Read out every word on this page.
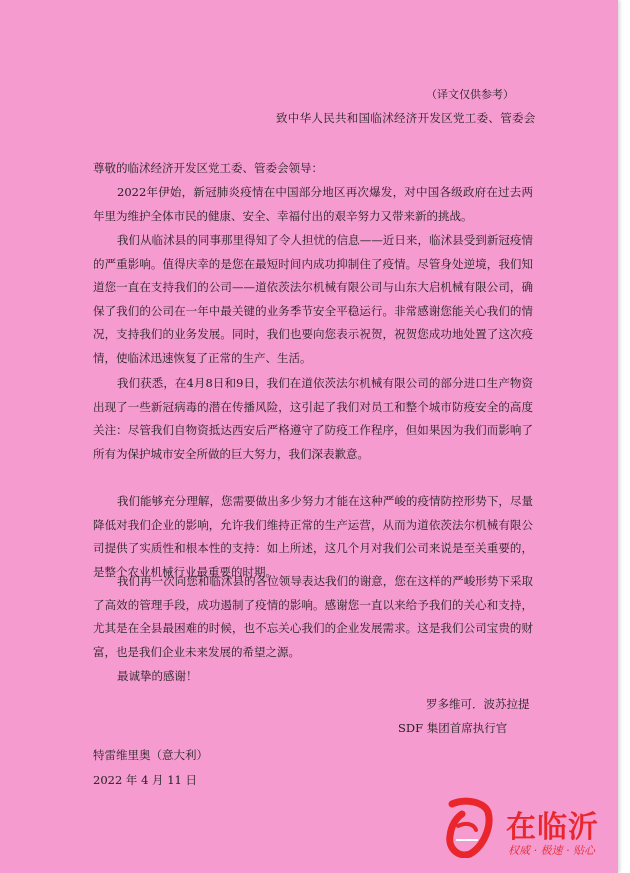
（译文仅供参考）
致中华人民共和国临沭经济开发区党工委、管委会
尊敬的临沭经济开发区党工委、管委会领导：

2022年伊始，新冠肺炎疫情在中国部分地区再次爆发，对中国各级政府在过去两年里为维护全体市民的健康、安全、幸福付出的艰辛努力又带来新的挑战。

我们从临沭县的同事那里得知了令人担忧的信息——近日来，临沭县受到新冠疫情的严重影响。值得庆幸的是您在最短时间内成功抑制住了疫情。尽管身处逆境，我们知道您一直在支持我们的公司——道依茨法尔机械有限公司与山东大启机械有限公司，确保了我们的公司在一年中最关键的业务季节安全平稳运行。非常感谢您能关心我们的情况，支持我们的业务发展。同时，我们也要向您表示祝贺，祝贺您成功地处置了这次疫情，使临沭迅速恢复了正常的生产、生活。

我们获悉，在4月8日和9日，我们在道依茨法尔机械有限公司的部分进口生产物资出现了一些新冠病毒的潜在传播风险，这引起了我们对员工和整个城市防疫安全的高度关注：尽管我们自物资抵达西安后严格遵守了防疫工作程序，但如果因为我们而影响了所有为保护城市安全所做的巨大努力，我们深表歉意。

我们能够充分理解，您需要做出多少努力才能在这种严峻的疫情防控形势下，尽量降低对我们企业的影响，允许我们维持正常的生产运营，从而为道依茨法尔机械有限公司提供了实质性和根本性的支持：如上所述，这几个月对我们公司来说是至关重要的，是整个农业机械行业最重要的时期。

我们再一次向您和临沭县的各位领导表达我们的谢意，您在这样的严峻形势下采取了高效的管理手段，成功遏制了疫情的影响。感谢您一直以来给予我们的关心和支持，尤其是在全县最困难的时候，也不忘关心我们的企业发展需求。这是我们公司宝贵的财富，也是我们企业未来发展的希望之源。

最诚挚的感谢！
罗多维可．波苏拉提
SDF 集团首席执行官
特雷维里奥（意大利）
2022 年 4 月 11 日
在临沂
权威 · 极速 · 贴心
